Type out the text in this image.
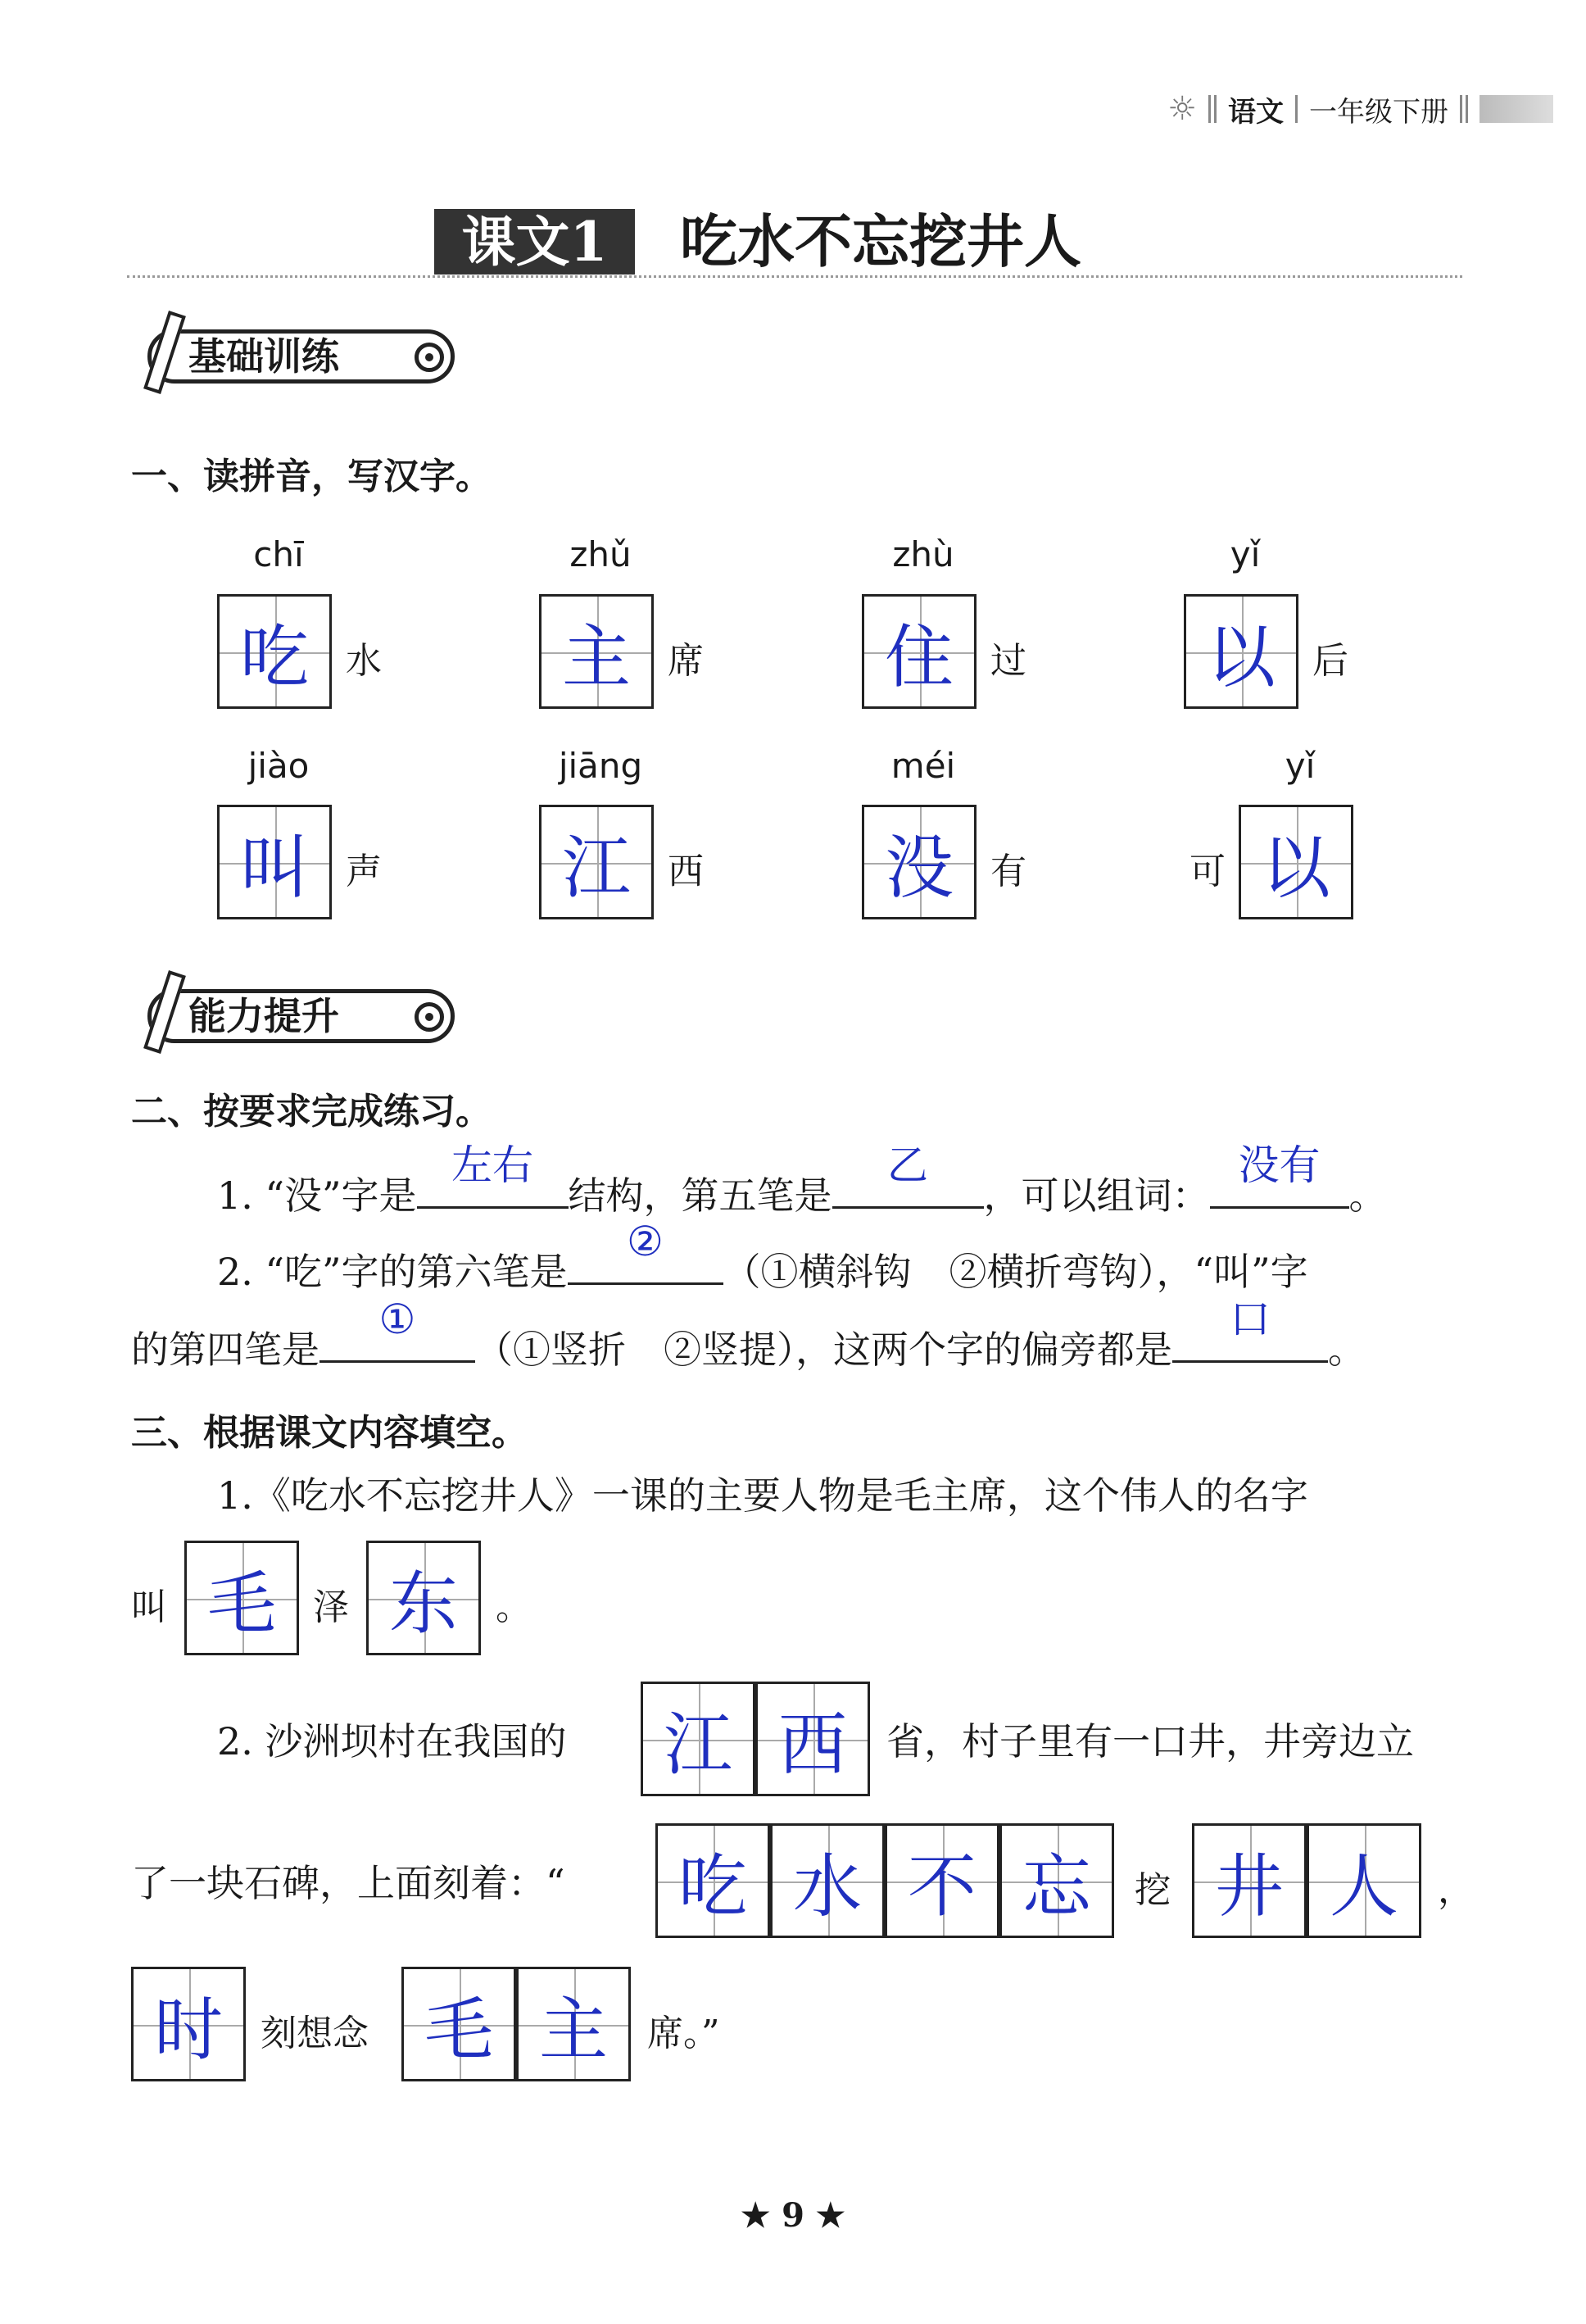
☼ 语文 一年级下册
课文1	吃水不忘挖井人
基础训练
一、读拼音，写汉字。
chī	zhǔ	zhù	yǐ
吃	水	主	席	住	过	以	后
jiào	jiāng	méi	yǐ
叫	声	江	西	没	有	可 以
能力提升
二、按要求完成练习。
1. “没”字是
左右
结构，第五笔是
乙
，可以组词：
没有
。
2. “吃”字的第六笔是
②
（①横斜钩　②横折弯钩），“叫”字
的第四笔是
①
（①竖折　②竖提），这两个字的偏旁都是
口
。
三、根据课文内容填空。
1.《吃水不忘挖井人》一课的主要人物是毛主席，这个伟人的名字
叫 毛	泽 东	。
2. 沙洲坝村在我国的 江 西	省，村子里有一口井，井旁边立
了一块石碑，上面刻着：“ 吃 水 不 忘	挖 井 人	，
时	刻想念 毛 主	席。”
★ 9 ★
